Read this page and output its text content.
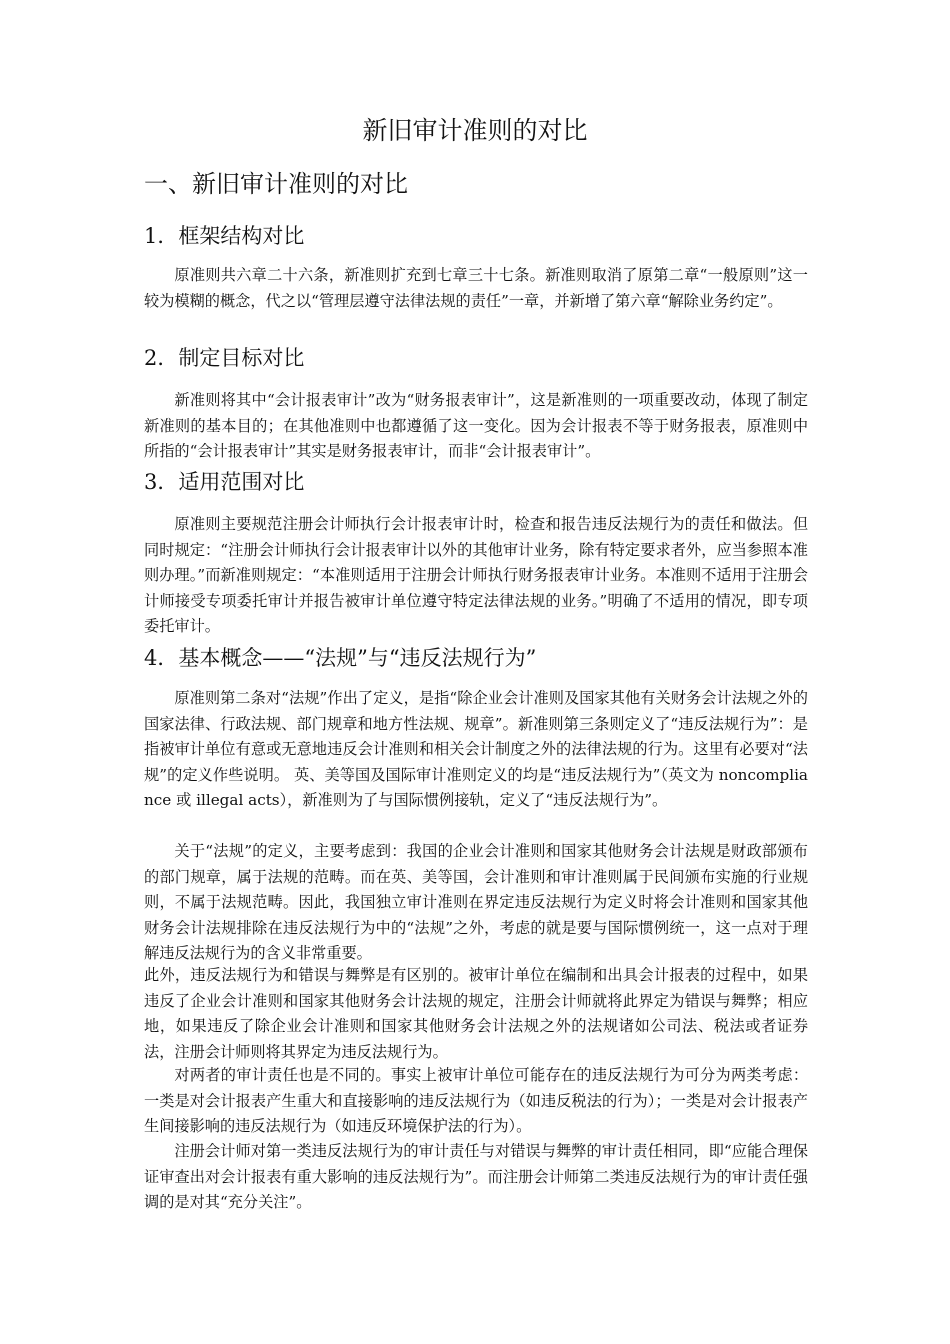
新旧审计准则的对比
一、新旧审计准则的对比
1．框架结构对比

原准则共六章二十六条，新准则扩充到七章三十七条。新准则取消了原第二章“一般原则”这一较为模糊的概念，代之以“管理层遵守法律法规的责任”一章，并新增了第六章“解除业务约定”。

2．制定目标对比

新准则将其中“会计报表审计”改为“财务报表审计”，这是新准则的一项重要改动，体现了制定新准则的基本目的；在其他准则中也都遵循了这一变化。因为会计报表不等于财务报表，原准则中所指的“会计报表审计”其实是财务报表审计，而非“会计报表审计”。

3．适用范围对比

原准则主要规范注册会计师执行会计报表审计时，检查和报告违反法规行为的责任和做法。但同时规定：“注册会计师执行会计报表审计以外的其他审计业务，除有特定要求者外，应当参照本准则办理。”而新准则规定：“本准则适用于注册会计师执行财务报表审计业务。本准则不适用于注册会计师接受专项委托审计并报告被审计单位遵守特定法律法规的业务。”明确了不适用的情况，即专项委托审计。

4．基本概念——“法规”与“违反法规行为”

原准则第二条对“法规”作出了定义，是指“除企业会计准则及国家其他有关财务会计法规之外的国家法律、行政法规、部门规章和地方性法规、规章”。新准则第三条则定义了“违反法规行为”：是指被审计单位有意或无意地违反会计准则和相关会计制度之外的法律法规的行为。这里有必要对“法规”的定义作些说明。 英、美等国及国际审计准则定义的均是“违反法规行为”（英文为 noncompliance 或 illegal acts），新准则为了与国际惯例接轨，定义了“违反法规行为”。

关于“法规”的定义，主要考虑到：我国的企业会计准则和国家其他财务会计法规是财政部颁布的部门规章，属于法规的范畴。而在英、美等国，会计准则和审计准则属于民间颁布实施的行业规则，不属于法规范畴。因此，我国独立审计准则在界定违反法规行为定义时将会计准则和国家其他财务会计法规排除在违反法规行为中的“法规”之外，考虑的就是要与国际惯例统一，这一点对于理解违反法规行为的含义非常重要。

此外，违反法规行为和错误与舞弊是有区别的。被审计单位在编制和出具会计报表的过程中，如果违反了企业会计准则和国家其他财务会计法规的规定，注册会计师就将此界定为错误与舞弊；相应地，如果违反了除企业会计准则和国家其他财务会计法规之外的法规诸如公司法、税法或者证券法，注册会计师则将其界定为违反法规行为。

对两者的审计责任也是不同的。事实上被审计单位可能存在的违反法规行为可分为两类考虑：一类是对会计报表产生重大和直接影响的违反法规行为（如违反税法的行为）；一类是对会计报表产生间接影响的违反法规行为（如违反环境保护法的行为）。

注册会计师对第一类违反法规行为的审计责任与对错误与舞弊的审计责任相同，即“应能合理保证审查出对会计报表有重大影响的违反法规行为”。而注册会计师第二类违反法规行为的审计责任强调的是对其“充分关注”。
